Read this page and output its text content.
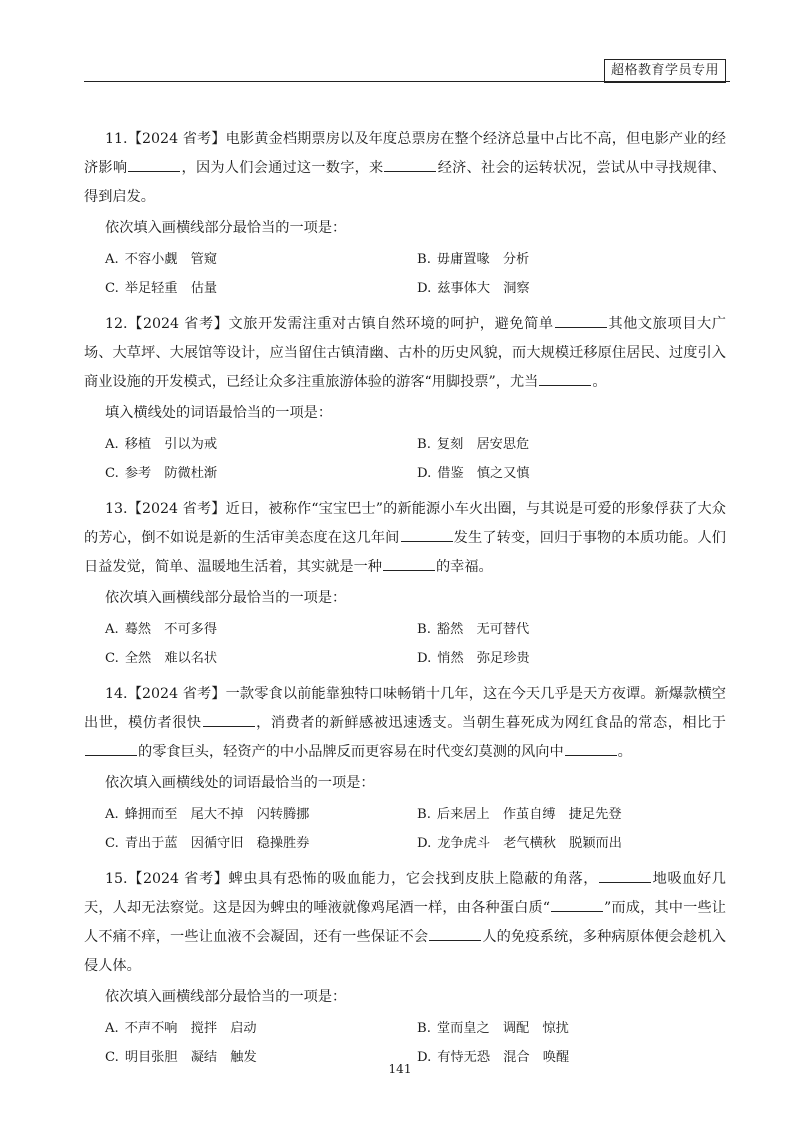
超格教育学员专用

11.【2024 省考】电影黄金档期票房以及年度总票房在整个经济总量中占比不高，但电影产业的经济影响	，因为人们会通过这一数字，来	经济、社会的运转状况，尝试从中寻找规律、得到启发。

依次填入画横线部分最恰当的一项是：

A. 不容小觑　管窥	B. 毋庸置喙　分析
C. 举足轻重　估量	D. 兹事体大　洞察

12.【2024 省考】文旅开发需注重对古镇自然环境的呵护，避免简单	其他文旅项目大广场、大草坪、大展馆等设计，应当留住古镇清幽、古朴的历史风貌，而大规模迁移原住居民、过度引入商业设施的开发模式，已经让众多注重旅游体验的游客“用脚投票”，尤当	。

填入横线处的词语最恰当的一项是：

A. 移植　引以为戒	B. 复刻　居安思危
C. 参考　防微杜渐	D. 借鉴　慎之又慎

13.【2024 省考】近日，被称作“宝宝巴士”的新能源小车火出圈，与其说是可爱的形象俘获了大众的芳心，倒不如说是新的生活审美态度在这几年间	发生了转变，回归于事物的本质功能。人们日益发觉，简单、温暖地生活着，其实就是一种	的幸福。

依次填入画横线部分最恰当的一项是：

A. 蓦然　不可多得	B. 豁然　无可替代
C. 全然　难以名状	D. 悄然　弥足珍贵

14.【2024 省考】一款零食以前能靠独特口味畅销十几年，这在今天几乎是天方夜谭。新爆款横空出世，模仿者很快	，消费者的新鲜感被迅速透支。当朝生暮死成为网红食品的常态，相比于的零食巨头，轻资产的中小品牌反而更容易在时代变幻莫测的风向中	。

依次填入画横线处的词语最恰当的一项是：

A. 蜂拥而至　尾大不掉　闪转腾挪	B. 后来居上　作茧自缚　捷足先登
C. 青出于蓝　因循守旧　稳操胜券	D. 龙争虎斗　老气横秋　脱颖而出

15.【2024 省考】蜱虫具有恐怖的吸血能力，它会找到皮肤上隐蔽的角落，	地吸血好几天，人却无法察觉。这是因为蜱虫的唾液就像鸡尾酒一样，由各种蛋白质“	”而成，其中一些让人不痛不痒，一些让血液不会凝固，还有一些保证不会	人的免疫系统，多种病原体便会趁机入侵人体。

依次填入画横线部分最恰当的一项是：

A. 不声不响　搅拌　启动	B. 堂而皇之　调配　惊扰
C. 明目张胆　凝结　触发	D. 有恃无恐　混合　唤醒
141
